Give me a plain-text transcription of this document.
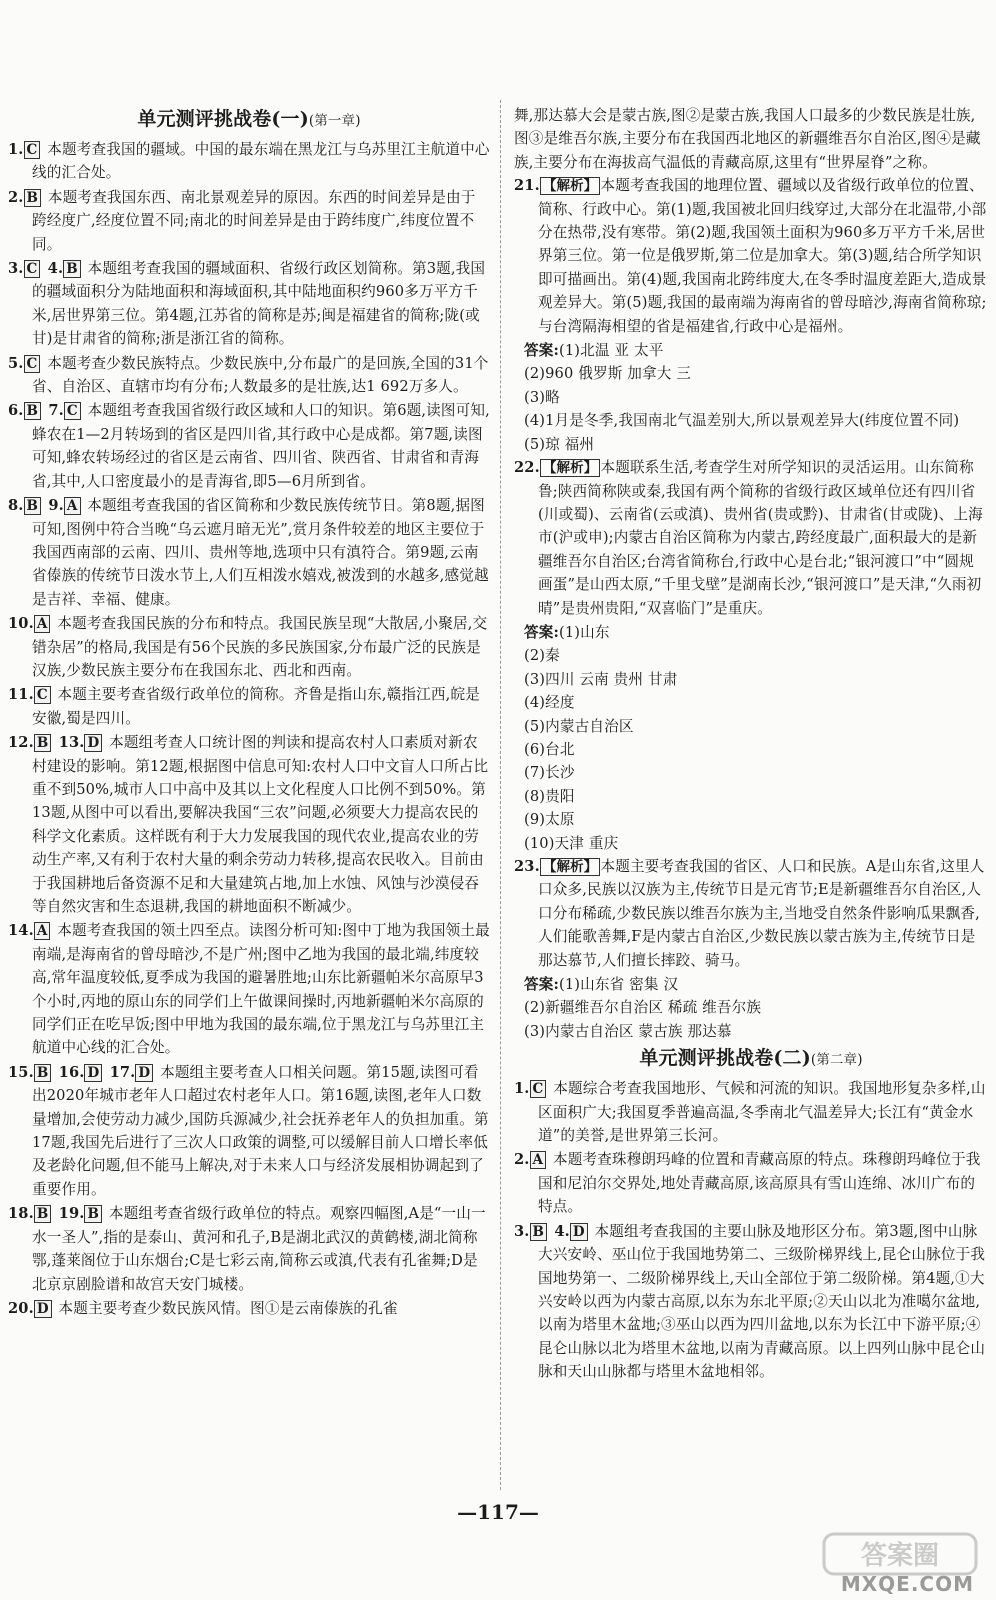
单元测评挑战卷(一)(第一章)
1. C 本题考查我国的疆域。中国的最东端在黑龙江与乌苏里江主航道中心线的汇合处。
2. B 本题考查我国东西、南北景观差异的原因。东西的时间差异是由于跨经度广,经度位置不同;南北的时间差异是由于跨纬度广,纬度位置不同。
3. C 4. B 本题组考查我国的疆域面积、省级行政区划简称。第3题,我国的疆域面积分为陆地面积和海域面积,其中陆地面积约960多万平方千米,居世界第三位。第4题,江苏省的简称是苏;闽是福建省的简称;陇(或甘)是甘肃省的简称;浙是浙江省的简称。
5. C 本题考查少数民族特点。少数民族中,分布最广的是回族,全国的31个省、自治区、直辖市均有分布;人数最多的是壮族,达1 692万多人。
6. B 7. C 本题组考查我国省级行政区域和人口的知识。第6题,读图可知,蜂农在1—2月转场到的省区是四川省,其行政中心是成都。第7题,读图可知,蜂农转场经过的省区是云南省、四川省、陕西省、甘肃省和青海省,其中,人口密度最小的是青海省,即5—6月所到省。
8. B 9. A 本题组考查我国的省区简称和少数民族传统节日。第8题,据图可知,图例中符合当晚“乌云遮月暗无光”,赏月条件较差的地区主要位于我国西南部的云南、四川、贵州等地,选项中只有滇符合。第9题,云南省傣族的传统节日泼水节上,人们互相泼水嬉戏,被泼到的水越多,感觉越是吉祥、幸福、健康。
10. A 本题考查我国民族的分布和特点。我国民族呈现“大散居,小聚居,交错杂居”的格局,我国是有56个民族的多民族国家,分布最广泛的民族是汉族,少数民族主要分布在我国东北、西北和西南。
11. C 本题主要考查省级行政单位的简称。齐鲁是指山东,赣指江西,皖是安徽,蜀是四川。
12. B 13. D 本题组考查人口统计图的判读和提高农村人口素质对新农村建设的影响。第12题,根据图中信息可知:农村人口中文盲人口所占比重不到50%,城市人口中高中及其以上文化程度人口比例不到50%。第13题,从图中可以看出,要解决我国“三农”问题,必须要大力提高农民的科学文化素质。这样既有利于大力发展我国的现代农业,提高农业的劳动生产率,又有利于农村大量的剩余劳动力转移,提高农民收入。目前由于我国耕地后备资源不足和大量建筑占地,加上水蚀、风蚀与沙漠侵吞等自然灾害和生态退耕,我国的耕地面积不断减少。
14. A 本题考查我国的领土四至点。读图分析可知:图中丁地为我国领土最南端,是海南省的曾母暗沙,不是广州;图中乙地为我国的最北端,纬度较高,常年温度较低,夏季成为我国的避暑胜地;山东比新疆帕米尔高原早3个小时,丙地的原山东的同学们上午做课间操时,丙地新疆帕米尔高原的同学们正在吃早饭;图中甲地为我国的最东端,位于黑龙江与乌苏里江主航道中心线的汇合处。
15. B 16. D 17. D 本题组主要考查人口相关问题。第15题,读图可看出2020年城市老年人口超过农村老年人口。第16题,读图,老年人口数量增加,会使劳动力减少,国防兵源减少,社会抚养老年人的负担加重。第17题,我国先后进行了三次人口政策的调整,可以缓解目前人口增长率低及老龄化问题,但不能马上解决,对于未来人口与经济发展相协调起到了重要作用。
18. B 19. B 本题组考查省级行政单位的特点。观察四幅图,A是“一山一水一圣人”,指的是泰山、黄河和孔子,B是湖北武汉的黄鹤楼,湖北简称鄂,蓬莱阁位于山东烟台;C是七彩云南,简称云或滇,代表有孔雀舞;D是北京京剧脸谱和故宫天安门城楼。
20. D 本题主要考查少数民族风情。图①是云南傣族的孔雀
舞,那达慕大会是蒙古族,图②是蒙古族,我国人口最多的少数民族是壮族,图③是维吾尔族,主要分布在我国西北地区的新疆维吾尔自治区,图④是藏族,主要分布在海拔高气温低的青藏高原,这里有“世界屋脊”之称。
21. 【解析】 本题考查我国的地理位置、疆域以及省级行政单位的位置、简称、行政中心。第(1)题,我国被北回归线穿过,大部分在北温带,小部分在热带,没有寒带。第(2)题,我国领土面积为960多万平方千米,居世界第三位。第一位是俄罗斯,第二位是加拿大。第(3)题,结合所学知识即可描画出。第(4)题,我国南北跨纬度大,在冬季时温度差距大,造成景观差异大。第(5)题,我国的最南端为海南省的曾母暗沙,海南省简称琼;与台湾隔海相望的省是福建省,行政中心是福州。
答案:(1)北温 亚 太平
(2)960 俄罗斯 加拿大 三
(3)略
(4)1月是冬季,我国南北气温差别大,所以景观差异大(纬度位置不同)
(5)琼 福州
22. 【解析】 本题联系生活,考查学生对所学知识的灵活运用。山东简称鲁;陕西简称陕或秦,我国有两个简称的省级行政区域单位还有四川省(川或蜀)、云南省(云或滇)、贵州省(贵或黔)、甘肃省(甘或陇)、上海市(沪或申);内蒙古自治区简称为内蒙古,跨经度最广,面积最大的是新疆维吾尔自治区;台湾省简称台,行政中心是台北;“银河渡口”中“圆规画蛋”是山西太原,“千里戈壁”是湖南长沙,“银河渡口”是天津,“久雨初晴”是贵州贵阳,“双喜临门”是重庆。
答案:(1)山东
(2)秦
(3)四川 云南 贵州 甘肃
(4)经度
(5)内蒙古自治区
(6)台北
(7)长沙
(8)贵阳
(9)太原
(10)天津 重庆
23. 【解析】 本题主要考查我国的省区、人口和民族。A是山东省,这里人口众多,民族以汉族为主,传统节日是元宵节;E是新疆维吾尔自治区,人口分布稀疏,少数民族以维吾尔族为主,当地受自然条件影响瓜果飘香,人们能歌善舞,F是内蒙古自治区,少数民族以蒙古族为主,传统节日是那达慕节,人们擅长摔跤、骑马。
答案:(1)山东省 密集 汉
(2)新疆维吾尔自治区 稀疏 维吾尔族
(3)内蒙古自治区 蒙古族 那达慕
单元测评挑战卷(二)(第二章)
1. C 本题综合考查我国地形、气候和河流的知识。我国地形复杂多样,山区面积广大;我国夏季普遍高温,冬季南北气温差异大;长江有“黄金水道”的美誉,是世界第三长河。
2. A 本题考查珠穆朗玛峰的位置和青藏高原的特点。珠穆朗玛峰位于我国和尼泊尔交界处,地处青藏高原,该高原具有雪山连绵、冰川广布的特点。
3. B 4. D 本题组考查我国的主要山脉及地形区分布。第3题,图中山脉大兴安岭、巫山位于我国地势第二、三级阶梯界线上,昆仑山脉位于我国地势第一、二级阶梯界线上,天山全部位于第二级阶梯。第4题,①大兴安岭以西为内蒙古高原,以东为东北平原;②天山以北为准噶尔盆地,以南为塔里木盆地;③巫山以西为四川盆地,以东为长江中下游平原;④昆仑山脉以北为塔里木盆地,以南为青藏高原。以上四列山脉中昆仑山脉和天山山脉都与塔里木盆地相邻。
—117—
答案圈
MXQE.COM
